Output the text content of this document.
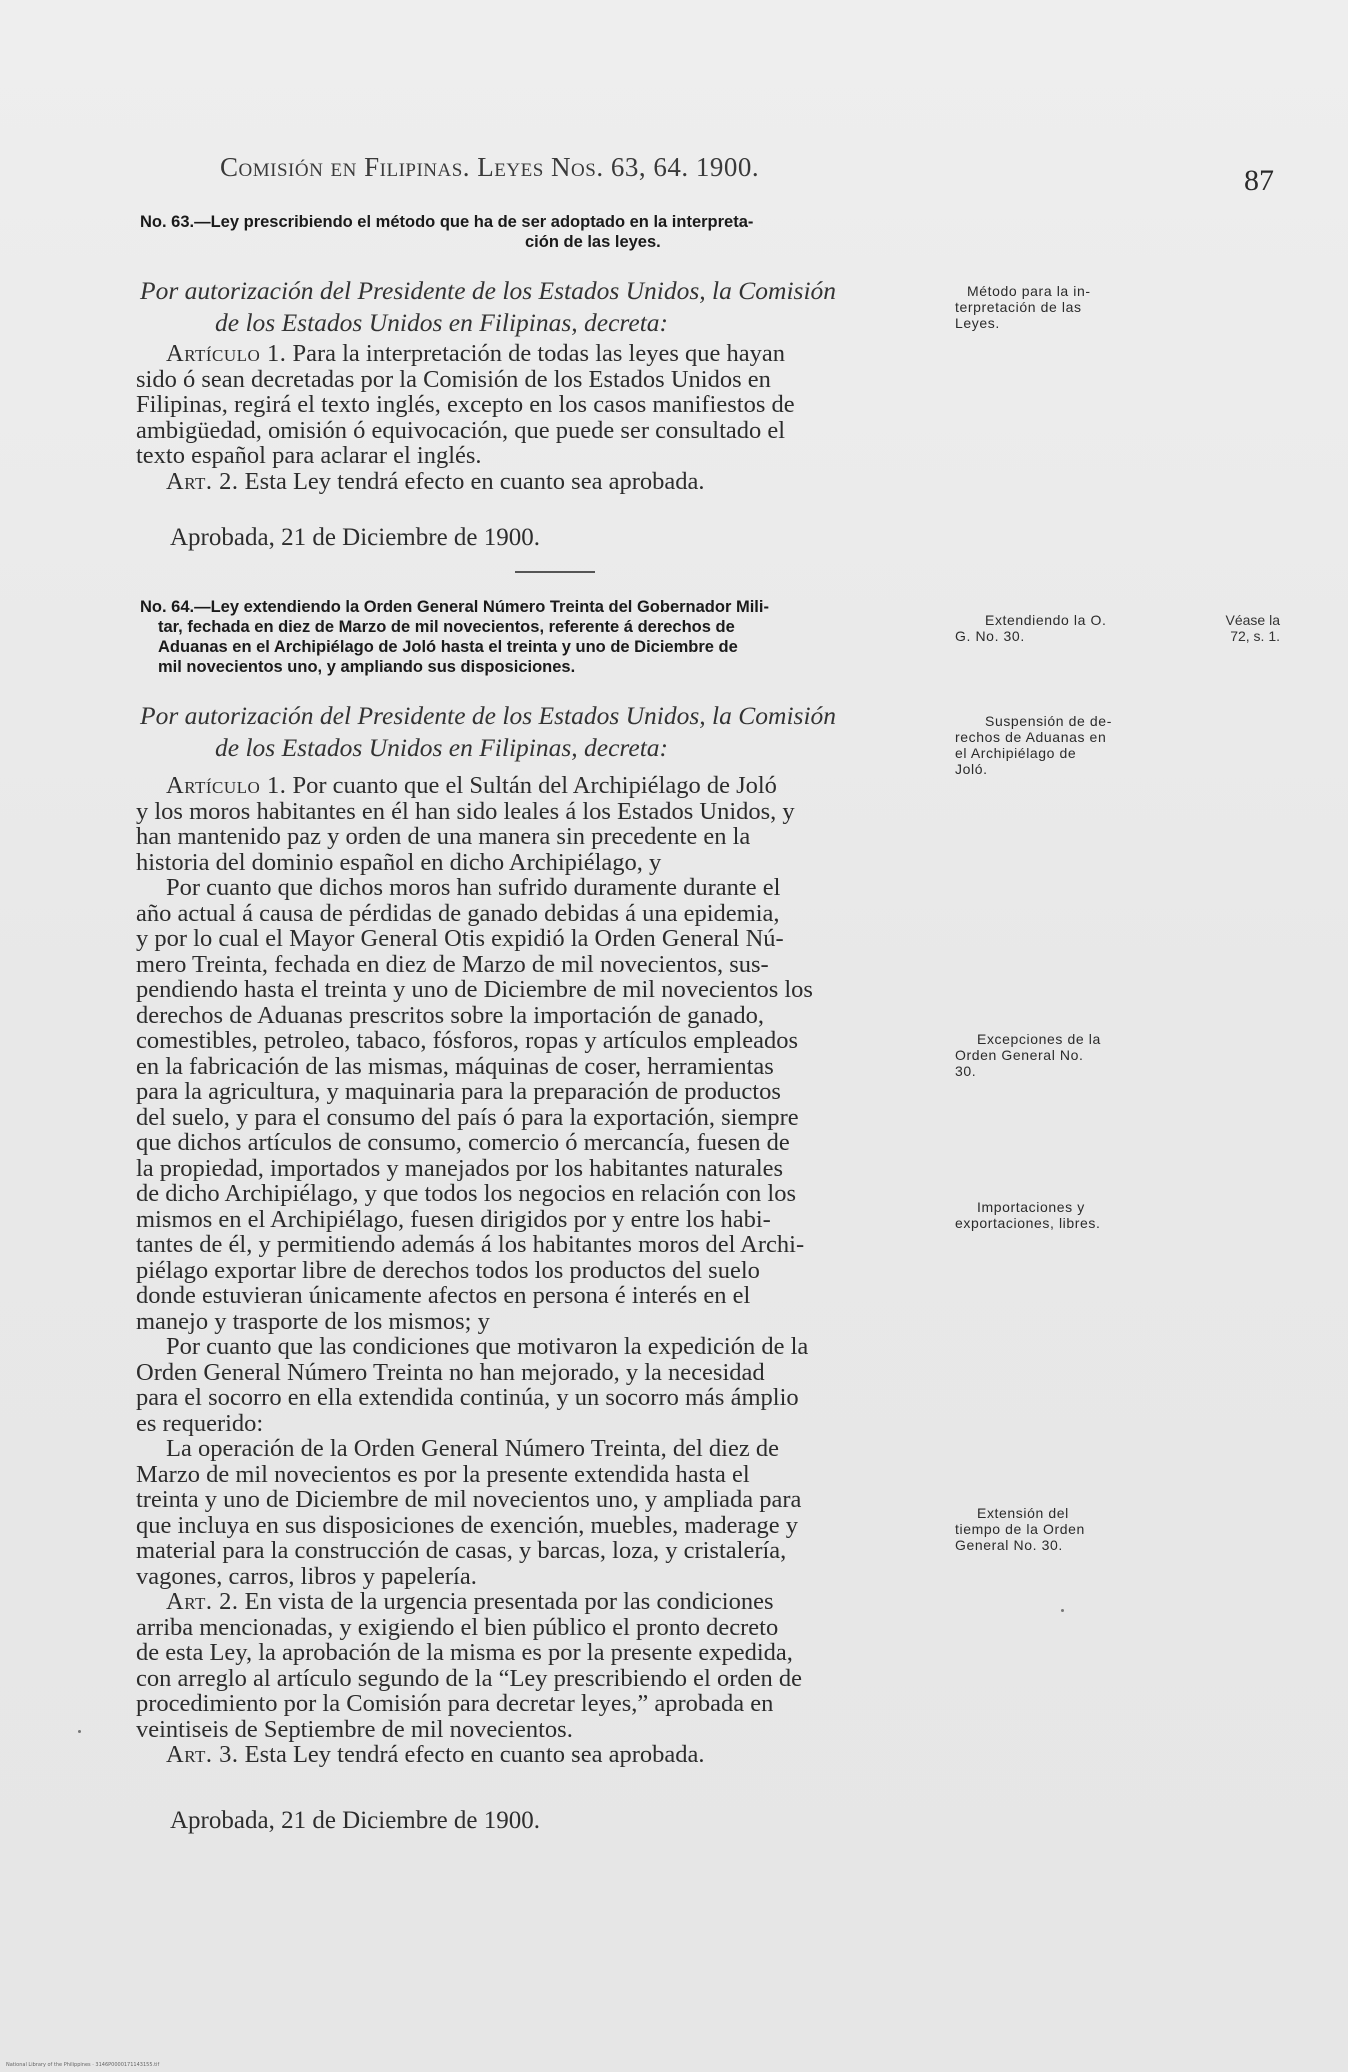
Comisión en Filipinas. Leyes Nos. 63, 64. 1900.	87
No. 63.—Ley prescribiendo el método que ha de ser adoptado en la interpreta-
ción de las leyes.
Por autorización del Presidente de los Estados Unidos, la Comisión
de los Estados Unidos en Filipinas, decreta:
Artículo 1. Para la interpretación de todas las leyes que hayan
sido ó sean decretadas por la Comisión de los Estados Unidos en
Filipinas, regirá el texto inglés, excepto en los casos manifiestos de
ambigüedad, omisión ó equivocación, que puede ser consultado el
texto español para aclarar el inglés.
Art. 2. Esta Ley tendrá efecto en cuanto sea aprobada.
Aprobada, 21 de Diciembre de 1900.
Método para la in-
terpretación de las
Leyes.
No. 64.—Ley extendiendo la Orden General Número Treinta del Gobernador Mili-
tar, fechada en diez de Marzo de mil novecientos, referente á derechos de
Aduanas en el Archipiélago de Joló hasta el treinta y uno de Diciembre de
mil novecientos uno, y ampliando sus disposiciones.
Por autorización del Presidente de los Estados Unidos, la Comisión
de los Estados Unidos en Filipinas, decreta:
Artículo 1. Por cuanto que el Sultán del Archipiélago de Joló
y los moros habitantes en él han sido leales á los Estados Unidos, y
han mantenido paz y orden de una manera sin precedente en la
historia del dominio español en dicho Archipiélago, y
Por cuanto que dichos moros han sufrido duramente durante el
año actual á causa de pérdidas de ganado debidas á una epidemia,
y por lo cual el Mayor General Otis expidió la Orden General Nú-
mero Treinta, fechada en diez de Marzo de mil novecientos, sus-
pendiendo hasta el treinta y uno de Diciembre de mil novecientos los
derechos de Aduanas prescritos sobre la importación de ganado,
comestibles, petroleo, tabaco, fósforos, ropas y artículos empleados
en la fabricación de las mismas, máquinas de coser, herramientas
para la agricultura, y maquinaria para la preparación de productos
del suelo, y para el consumo del país ó para la exportación, siempre
que dichos artículos de consumo, comercio ó mercancía, fuesen de
la propiedad, importados y manejados por los habitantes naturales
de dicho Archipiélago, y que todos los negocios en relación con los
mismos en el Archipiélago, fuesen dirigidos por y entre los habi-
tantes de él, y permitiendo además á los habitantes moros del Archi-
piélago exportar libre de derechos todos los productos del suelo
donde estuvieran únicamente afectos en persona é interés en el
manejo y trasporte de los mismos; y
Por cuanto que las condiciones que motivaron la expedición de la
Orden General Número Treinta no han mejorado, y la necesidad
para el socorro en ella extendida continúa, y un socorro más ámplio
es requerido:
La operación de la Orden General Número Treinta, del diez de
Marzo de mil novecientos es por la presente extendida hasta el
treinta y uno de Diciembre de mil novecientos uno, y ampliada para
que incluya en sus disposiciones de exención, muebles, maderage y
material para la construcción de casas, y barcas, loza, y cristalería,
vagones, carros, libros y papelería.
Art. 2. En vista de la urgencia presentada por las condiciones
arriba mencionadas, y exigiendo el bien público el pronto decreto
de esta Ley, la aprobación de la misma es por la presente expedida,
con arreglo al artículo segundo de la “Ley prescribiendo el orden de
procedimiento por la Comisión para decretar leyes,” aprobada en
veintiseis de Septiembre de mil novecientos.
Art. 3. Esta Ley tendrá efecto en cuanto sea aprobada.
Aprobada, 21 de Diciembre de 1900.
Extendiendo la O.
G. No. 30.
Véase la
72, s. 1.
Suspensión de de-
rechos de Aduanas en
el Archipiélago de
Joló.
Excepciones de la
Orden General No.
30.
Importaciones y
exportaciones, libres.
Extensión del
tiempo de la Orden
General No. 30.
National Library of the Philippines · 3146P0000171143155.tif
